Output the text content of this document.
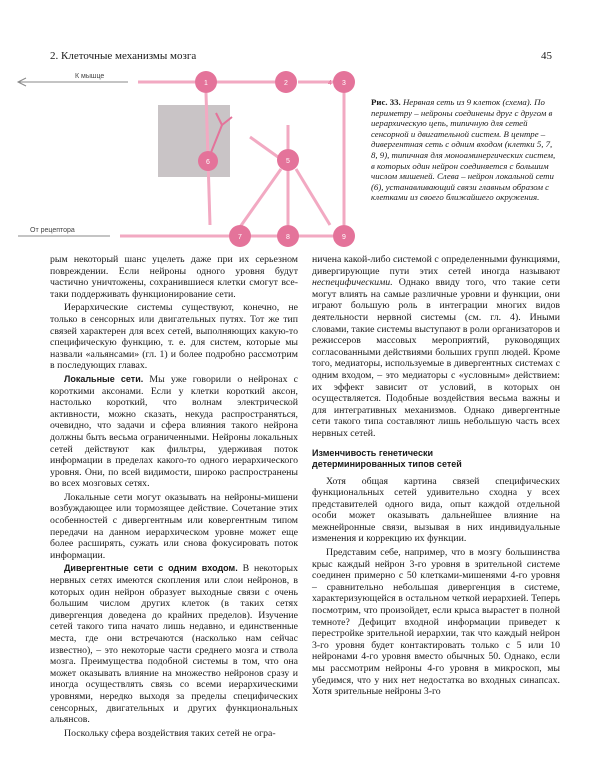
2. Клеточные механизмы мозга	45
К мышце
От рецептора
1	2	3
4
5
6
7	8	9
Рис. 33. Нервная сеть из 9 клеток (схема). По периметру – нейроны соединены друг с другом в иерархическую цепь, типичную для сетей сенсорной и двигательной систем. В центре – дивергентная сеть с одним входом (клетки 5, 7, 8, 9), типичная для моноаминергических систем, в которых один нейрон соединяется с большим числом мишеней. Слева – нейрон локальной сети (6), устанавливающий связи главным образом с клетками из своего ближайшего окружения.

рым некоторый шанс уцелеть даже при их серьезном повреждении. Если нейроны одного уровня будут частично уничтожены, сохранившиеся клетки смогут все-таки поддерживать функционирование сети.

Иерархические системы существуют, конечно, не только в сенсорных или двигательных путях. Тот же тип связей характерен для всех сетей, выполняющих какую-то специфическую функцию, т. е. для систем, которые мы назвали «альянсами» (гл. 1) и более подробно рассмотрим в последующих главах.

Локальные сети. Мы уже говорили о нейронах с короткими аксонами. Если у клетки короткий аксон, настолько короткий, что волнам электрической активности, можно сказать, некуда распространяться, очевидно, что задачи и сфера влияния такого нейрона должны быть весьма ограниченными. Нейроны локальных сетей действуют как фильтры, удерживая поток информации в пределах какого-то одного иерархического уровня. Они, по всей видимости, широко распространены во всех мозговых сетях.

Локальные сети могут оказывать на нейроны-мишени возбуждающее или тормозящее действие. Сочетание этих особенностей с дивергентным или ковергентным типом передачи на данном иерархическом уровне может еще более расширять, сужать или снова фокусировать поток информации.

Дивергентные сети с одним входом. В некоторых нервных сетях имеются скопления или слои нейронов, в которых один нейрон образует выходные связи с очень большим числом других клеток (в таких сетях дивергенция доведена до крайних пределов). Изучение сетей такого типа начато лишь недавно, и единственные места, где они встречаются (насколько нам сейчас известно), – это некоторые части среднего мозга и ствола мозга. Преимущества подобной системы в том, что она может оказывать влияние на множество нейронов сразу и иногда осуществлять связь со всеми иерархическими уровнями, нередко выходя за пределы специфических сенсорных, двигательных и других функциональных альянсов.

Поскольку сфера воздействия таких сетей не огра-

ничена какой-либо системой с определенными функциями, дивергирующие пути этих сетей иногда называют неспецифическими. Однако ввиду того, что такие сети могут влиять на самые различные уровни и функции, они играют большую роль в интеграции многих видов деятельности нервной системы (см. гл. 4). Иными словами, такие системы выступают в роли организаторов и режиссеров массовых мероприятий, руководящих согласованными действиями больших групп людей. Кроме того, медиаторы, используемые в дивергентных системах с одним входом, – это медиаторы с «условным» действием: их эффект зависит от условий, в которых он осуществляется. Подобные воздействия весьма важны и для интегративных механизмов. Однако дивергентные сети такого типа составляют лишь небольшую часть всех нервных сетей.

Изменчивость генетически
детерминированных типов сетей

Хотя общая картина связей специфических функциональных сетей удивительно сходна у всех представителей одного вида, опыт каждой отдельной особи может оказывать дальнейшее влияние на межнейронные связи, вызывая в них индивидуальные изменения и коррекцию их функции.

Представим себе, например, что в мозгу большинства крыс каждый нейрон 3-го уровня в зрительной системе соединен примерно с 50 клетками-мишенями 4-го уровня – сравнительно небольшая дивергенция в системе, характеризующейся в остальном четкой иерархией. Теперь посмотрим, что произойдет, если крыса вырастет в полной темноте? Дефицит входной информации приведет к перестройке зрительной иерархии, так что каждый нейрон 3-го уровня будет контактировать только с 5 или 10 нейронами 4-го уровня вместо обычных 50. Однако, если мы рассмотрим нейроны 4-го уровня в микроскоп, мы убедимся, что у них нет недостатка во входных синапсах. Хотя зрительные нейроны 3-го
